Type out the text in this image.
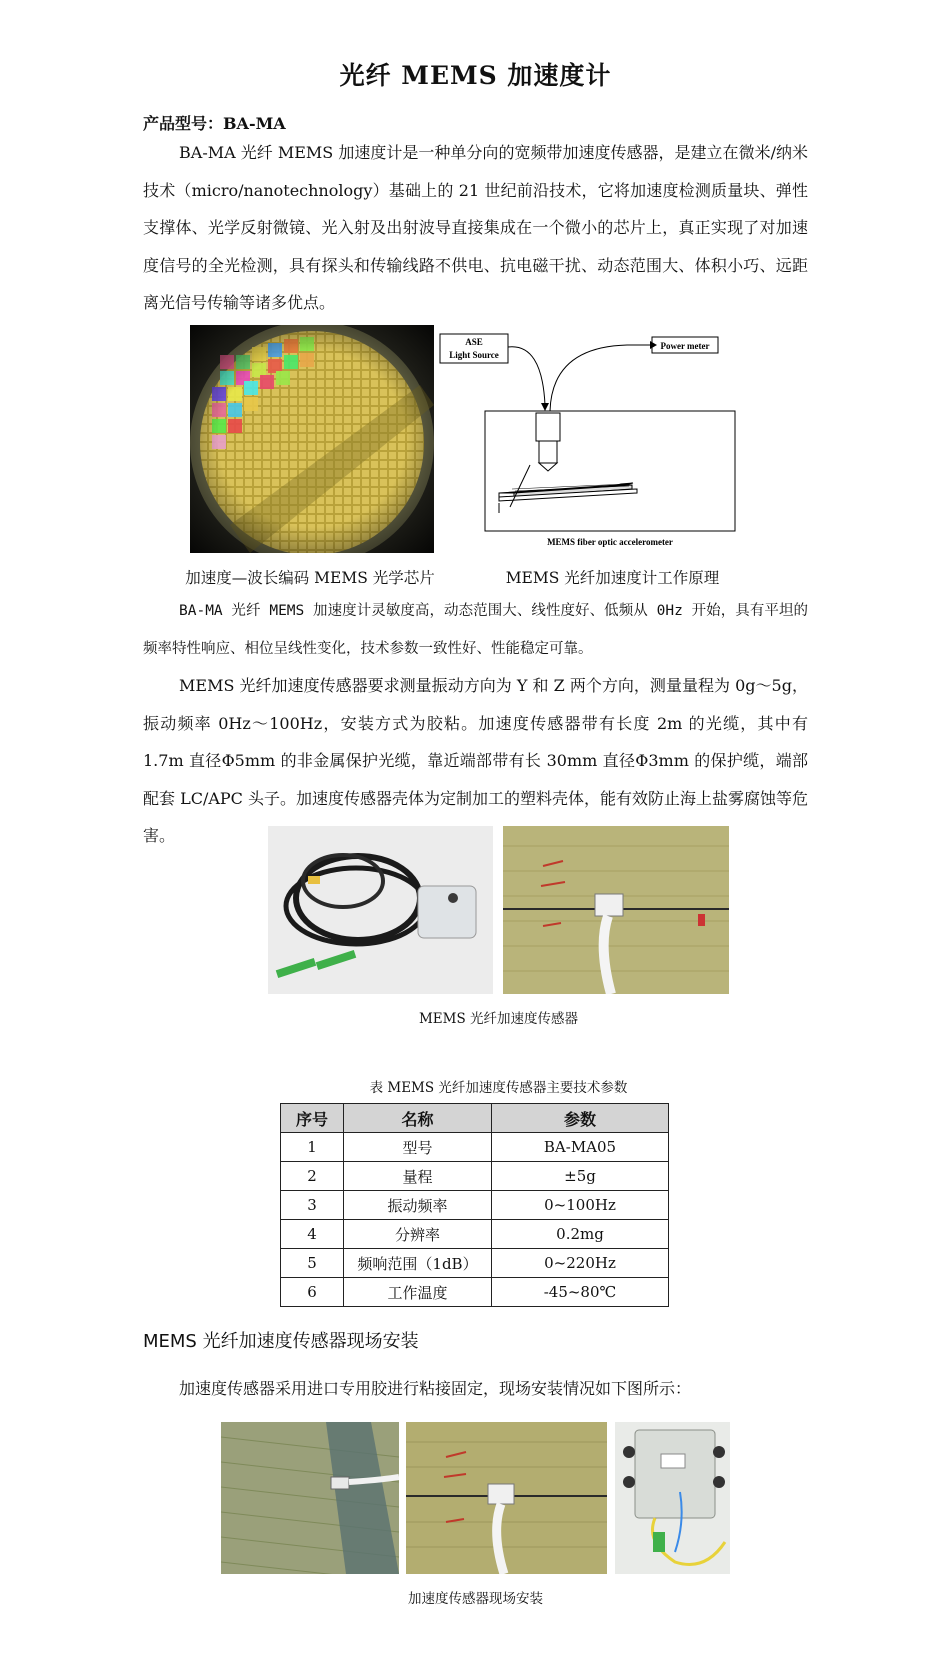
光纤 MEMS 加速度计
产品型号：BA-MA
BA-MA 光纤 MEMS 加速度计是一种单分向的宽频带加速度传感器，是建立在微米/纳米技术（micro/nanotechnology）基础上的 21 世纪前沿技术，它将加速度检测质量块、弹性支撑体、光学反射微镜、光入射及出射波导直接集成在一个微小的芯片上，真正实现了对加速度信号的全光检测，具有探头和传输线路不供电、抗电磁干扰、动态范围大、体积小巧、远距离光信号传输等诸多优点。
ASE
Light Source
Power meter
MEMS fiber optic accelerometer
加速度—波长编码 MEMS 光学芯片	MEMS 光纤加速度计工作原理
BA-MA 光纤 MEMS 加速度计灵敏度高，动态范围大、线性度好、低频从 0Hz 开始，具有平坦的频率特性响应、相位呈线性变化，技术参数一致性好、性能稳定可靠。
MEMS 光纤加速度传感器要求测量振动方向为 Y 和 Z 两个方向，测量量程为 0g～5g，振动频率 0Hz～100Hz，安装方式为胶粘。加速度传感器带有长度 2m 的光缆，其中有 1.7m 直径Φ5mm 的非金属保护光缆，靠近端部带有长 30mm 直径Φ3mm 的保护缆，端部配套 LC/APC 头子。加速度传感器壳体为定制加工的塑料壳体，能有效防止海上盐雾腐蚀等危害。
MEMS 光纤加速度传感器
表 MEMS 光纤加速度传感器主要技术参数
序号	名称	参数
1	型号	BA-MA05
2	量程	±5g
3	振动频率	0~100Hz
4	分辨率	0.2mg
5	频响范围（1dB）	0~220Hz
6	工作温度	-45~80℃
MEMS 光纤加速度传感器现场安装
加速度传感器采用进口专用胶进行粘接固定，现场安装情况如下图所示：
加速度传感器现场安装
